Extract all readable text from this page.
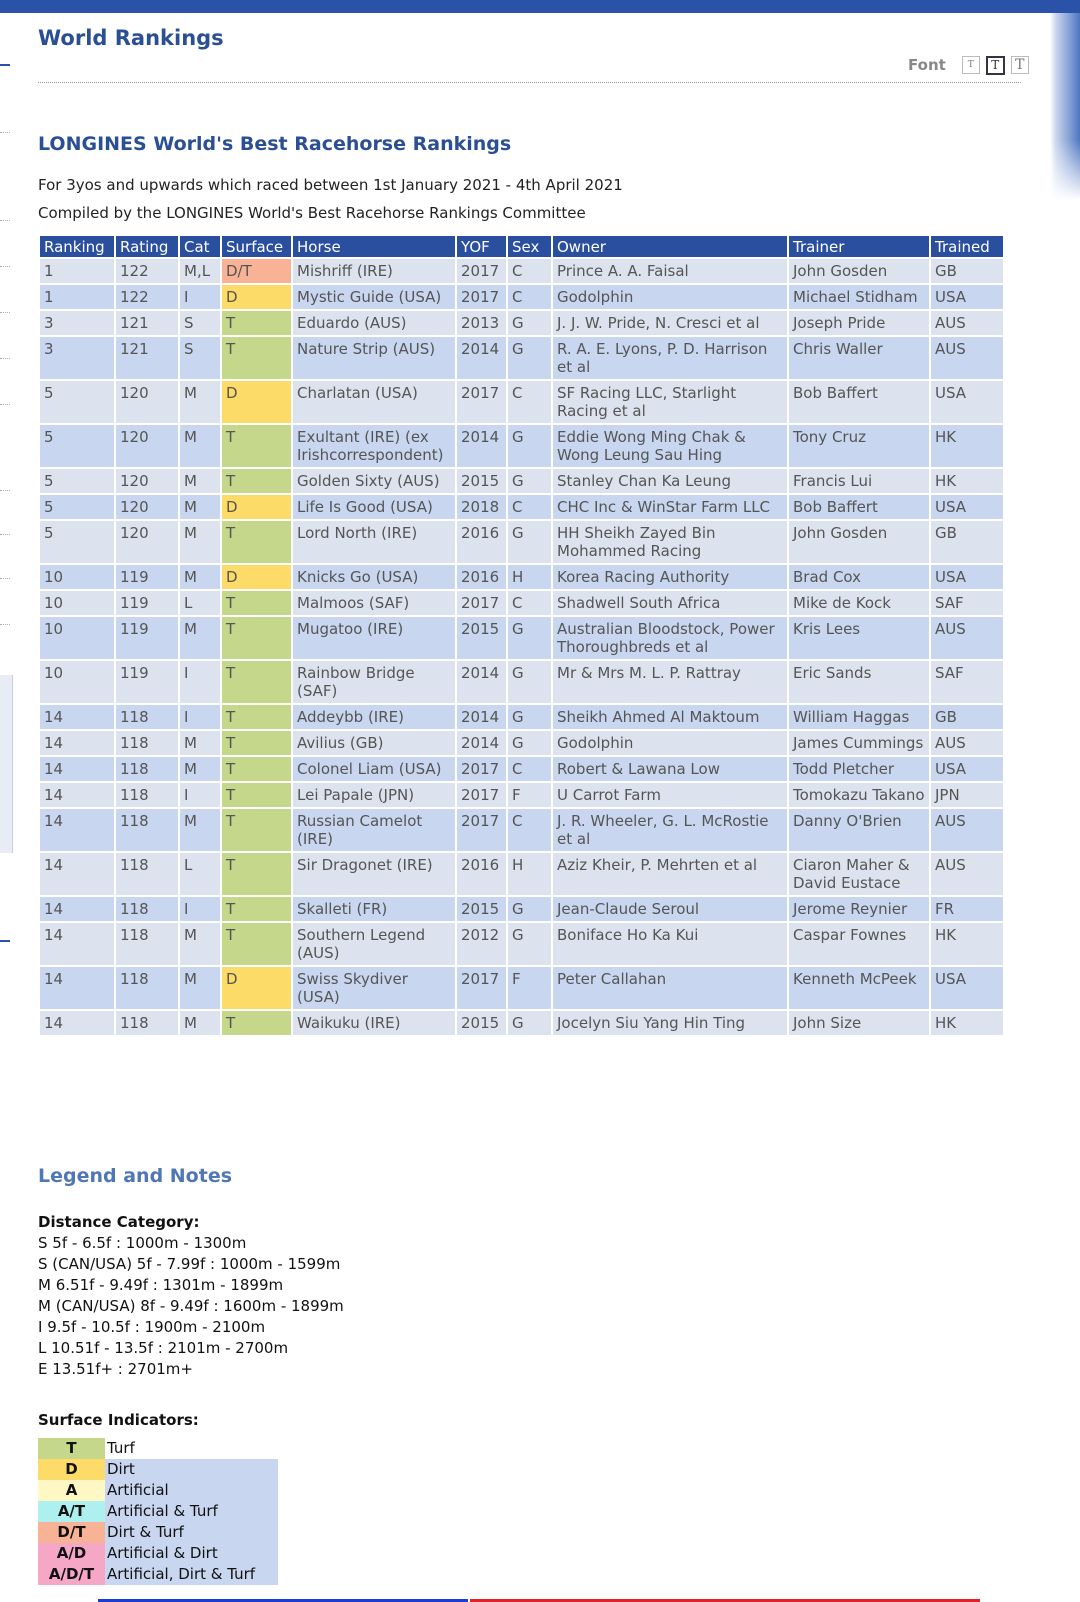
World Rankings
Font	T	T	T
LONGINES World's Best Racehorse Rankings
For 3yos and upwards which raced between 1st January 2021 - 4th April 2021
Compiled by the LONGINES World's Best Racehorse Rankings Committee
Ranking	Rating	Cat	Surface	Horse	YOF	Sex	Owner	Trainer	Trained
1	122	M,L	D/T	Mishriff (IRE)	2017	C	Prince A. A. Faisal	John Gosden	GB
1	122	I	D	Mystic Guide (USA)	2017	C	Godolphin	Michael Stidham	USA
3	121	S	T	Eduardo (AUS)	2013	G	J. J. W. Pride, N. Cresci et al	Joseph Pride	AUS
3	121	S	T	Nature Strip (AUS)	2014	G	R. A. E. Lyons, P. D. Harrison et al	Chris Waller	AUS
5	120	M	D	Charlatan (USA)	2017	C	SF Racing LLC, Starlight Racing et al	Bob Baffert	USA
5	120	M	T	Exultant (IRE) (ex Irishcorrespondent)	2014	G	Eddie Wong Ming Chak & Wong Leung Sau Hing	Tony Cruz	HK
5	120	M	T	Golden Sixty (AUS)	2015	G	Stanley Chan Ka Leung	Francis Lui	HK
5	120	M	D	Life Is Good (USA)	2018	C	CHC Inc & WinStar Farm LLC	Bob Baffert	USA
5	120	M	T	Lord North (IRE)	2016	G	HH Sheikh Zayed Bin Mohammed Racing	John Gosden	GB
10	119	M	D	Knicks Go (USA)	2016	H	Korea Racing Authority	Brad Cox	USA
10	119	L	T	Malmoos (SAF)	2017	C	Shadwell South Africa	Mike de Kock	SAF
10	119	M	T	Mugatoo (IRE)	2015	G	Australian Bloodstock, Power Thoroughbreds et al	Kris Lees	AUS
10	119	I	T	Rainbow Bridge (SAF)	2014	G	Mr & Mrs M. L. P. Rattray	Eric Sands	SAF
14	118	I	T	Addeybb (IRE)	2014	G	Sheikh Ahmed Al Maktoum	William Haggas	GB
14	118	M	T	Avilius (GB)	2014	G	Godolphin	James Cummings	AUS
14	118	M	T	Colonel Liam (USA)	2017	C	Robert & Lawana Low	Todd Pletcher	USA
14	118	I	T	Lei Papale (JPN)	2017	F	U Carrot Farm	Tomokazu Takano	JPN
14	118	M	T	Russian Camelot (IRE)	2017	C	J. R. Wheeler, G. L. McRostie et al	Danny O'Brien	AUS
14	118	L	T	Sir Dragonet (IRE)	2016	H	Aziz Kheir, P. Mehrten et al	Ciaron Maher & David Eustace	AUS
14	118	I	T	Skalleti (FR)	2015	G	Jean-Claude Seroul	Jerome Reynier	FR
14	118	M	T	Southern Legend (AUS)	2012	G	Boniface Ho Ka Kui	Caspar Fownes	HK
14	118	M	D	Swiss Skydiver (USA)	2017	F	Peter Callahan	Kenneth McPeek	USA
14	118	M	T	Waikuku (IRE)	2015	G	Jocelyn Siu Yang Hin Ting	John Size	HK
Legend and Notes
Distance Category:
S 5f - 6.5f : 1000m - 1300m
S (CAN/USA) 5f - 7.99f : 1000m - 1599m
M 6.51f - 9.49f : 1301m - 1899m
M (CAN/USA) 8f - 9.49f : 1600m - 1899m
I 9.5f - 10.5f : 1900m - 2100m
L 10.51f - 13.5f : 2101m - 2700m
E 13.51f+ : 2701m+
Surface Indicators:
T	Turf
D	Dirt
A	Artificial
A/T	Artificial & Turf
D/T	Dirt & Turf
A/D	Artificial & Dirt
A/D/T Artificial, Dirt & Turf
